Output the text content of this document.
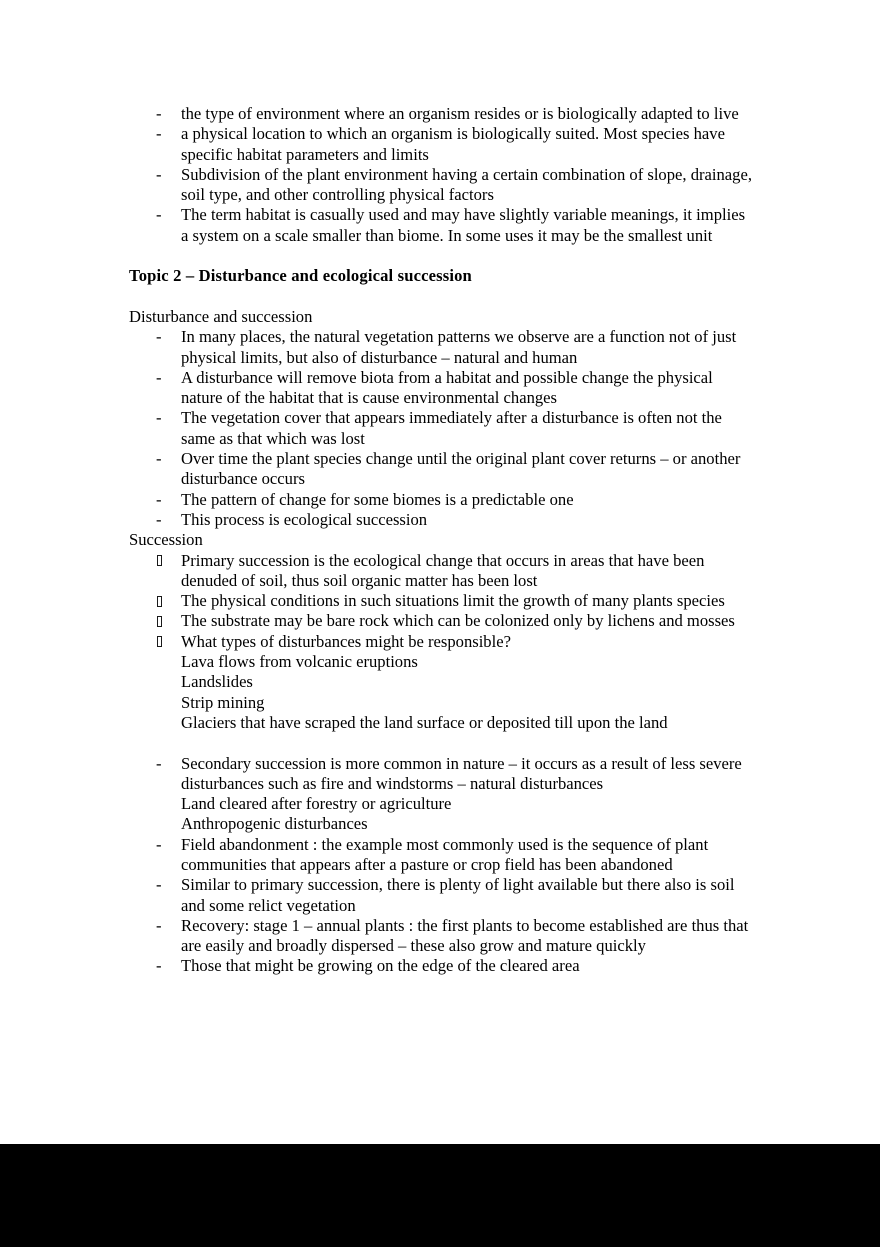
-
the type of environment where an organism resides or is biologically adapted to live
-
a physical location to which an organism is biologically suited. Most species have specific habitat parameters and limits
-
Subdivision of the plant environment having a certain combination of slope, drainage, soil type, and other controlling physical factors
-
The term habitat is casually used and may have slightly variable meanings, it implies a system on a scale smaller than biome. In some uses it may be the smallest unit

Topic 2 – Disturbance and ecological succession

Disturbance and succession
-
In many places, the natural vegetation patterns we observe are a function not of just physical limits, but also of disturbance – natural and human
-
A disturbance will remove biota from a habitat and possible change the physical nature of the habitat that is cause environmental changes
-
The vegetation cover that appears immediately after a disturbance is often not the same as that which was lost
-
Over time the plant species change until the original plant cover returns – or another disturbance occurs
-
The pattern of change for some biomes is a predictable one
-
This process is ecological succession
Succession
Primary succession is the ecological change that occurs in areas that have been denuded of soil, thus soil organic matter has been lost
The physical conditions in such situations limit the growth of many plants species
The substrate may be bare rock which can be colonized only by lichens and mosses
What types of disturbances might be responsible?
Lava flows from volcanic eruptions
Landslides
Strip mining
Glaciers that have scraped the land surface or deposited till upon the land

-
Secondary succession is more common in nature – it occurs as a result of less severe disturbances such as fire and windstorms – natural disturbances
Land cleared after forestry or agriculture
Anthropogenic disturbances
-
Field abandonment : the example most commonly used is the sequence of plant communities that appears after a pasture or crop field has been abandoned
-
Similar to primary succession, there is plenty of light available but there also is soil and some relict vegetation
-
Recovery: stage 1 – annual plants : the first plants to become established are thus that are easily and broadly dispersed – these also grow and mature quickly
-
Those that might be growing on the edge of the cleared area
